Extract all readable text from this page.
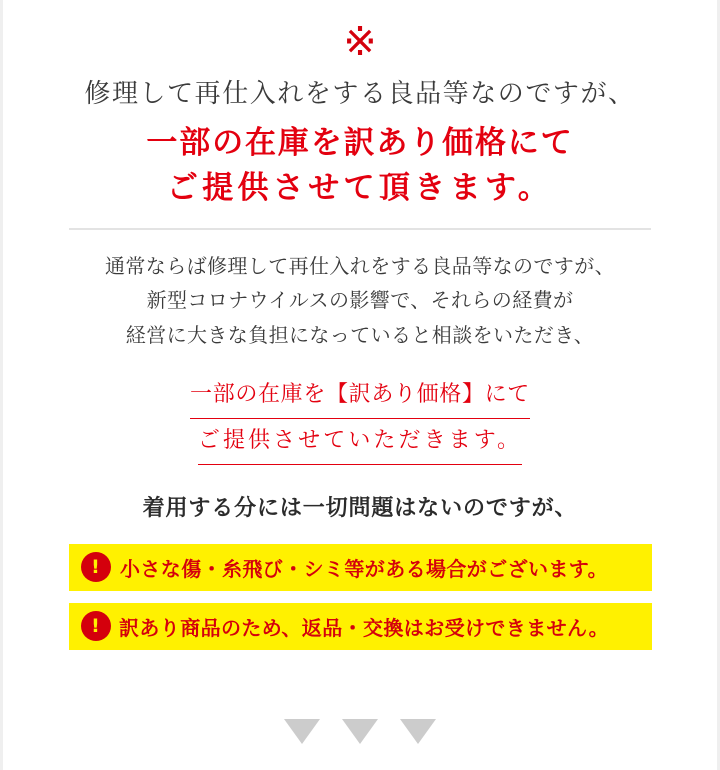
※
修理して再仕入れをする良品等なのですが、
一部の在庫を訳あり価格にて
ご提供させて頂きます。
通常ならば修理して再仕入れをする良品等なのですが、
新型コロナウイルスの影響で、それらの経費が
経営に大きな負担になっていると相談をいただき、
一部の在庫を【訳あり価格】にて
ご提供させていただきます。
着用する分には一切問題はないのですが、
!	小さな傷・糸飛び・シミ等がある場合がございます。
! 訳あり商品のため、返品・交換はお受けできません。
